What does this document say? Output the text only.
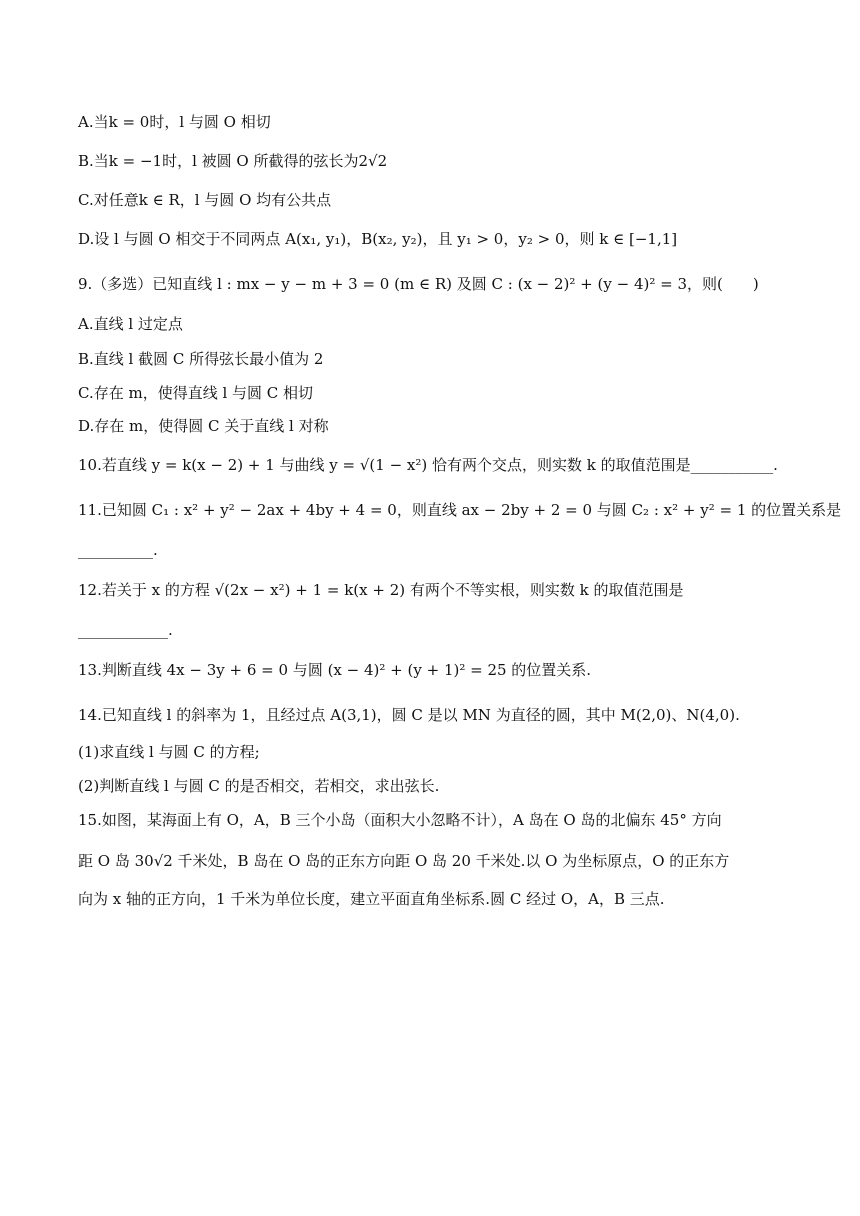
A.当k = 0时，l 与圆 O 相切
B.当k = −1时，l 被圆 O 所截得的弦长为2√2
C.对任意k ∈ R，l 与圆 O 均有公共点
D.设 l 与圆 O 相交于不同两点 A(x₁, y₁)，B(x₂, y₂)，且 y₁ > 0，y₂ > 0，则 k ∈ [−1,1]
9.（多选）已知直线 l : mx − y − m + 3 = 0 (m ∈ R) 及圆 C : (x − 2)² + (y − 4)² = 3，则(　　)
A.直线 l 过定点
B.直线 l 截圆 C 所得弦长最小值为 2
C.存在 m，使得直线 l 与圆 C 相切
D.存在 m，使得圆 C 关于直线 l 对称
10.若直线 y = k(x − 2) + 1 与曲线 y = √(1 − x²) 恰有两个交点，则实数 k 的取值范围是___________.
11.已知圆 C₁ : x² + y² − 2ax + 4by + 4 = 0，则直线 ax − 2by + 2 = 0 与圆 C₂ : x² + y² = 1 的位置关系是
__________.
12.若关于 x 的方程 √(2x − x²) + 1 = k(x + 2) 有两个不等实根，则实数 k 的取值范围是
____________.
13.判断直线 4x − 3y + 6 = 0 与圆 (x − 4)² + (y + 1)² = 25 的位置关系.
14.已知直线 l 的斜率为 1，且经过点 A(3,1)，圆 C 是以 MN 为直径的圆，其中 M(2,0)、N(4,0).
(1)求直线 l 与圆 C 的方程;
(2)判断直线 l 与圆 C 的是否相交，若相交，求出弦长.
15.如图，某海面上有 O，A，B 三个小岛（面积大小忽略不计），A 岛在 O 岛的北偏东 45° 方向
距 O 岛 30√2 千米处，B 岛在 O 岛的正东方向距 O 岛 20 千米处.以 O 为坐标原点，O 的正东方
向为 x 轴的正方向，1 千米为单位长度，建立平面直角坐标系.圆 C 经过 O，A，B 三点.
